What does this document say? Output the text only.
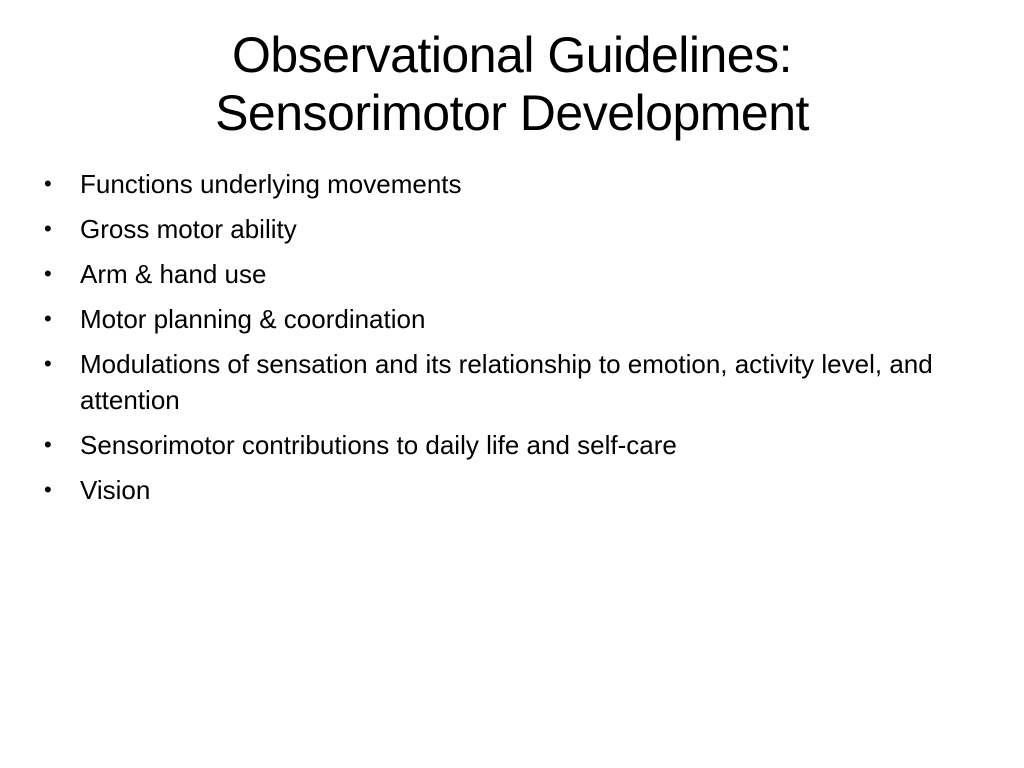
Observational Guidelines:
Sensorimotor Development
•	Functions underlying movements
•	Gross motor ability
•	Arm & hand use
•	Motor planning & coordination
•	Modulations of sensation and its relationship to emotion, activity level, and attention
•	Sensorimotor contributions to daily life and self-care
•	Vision
